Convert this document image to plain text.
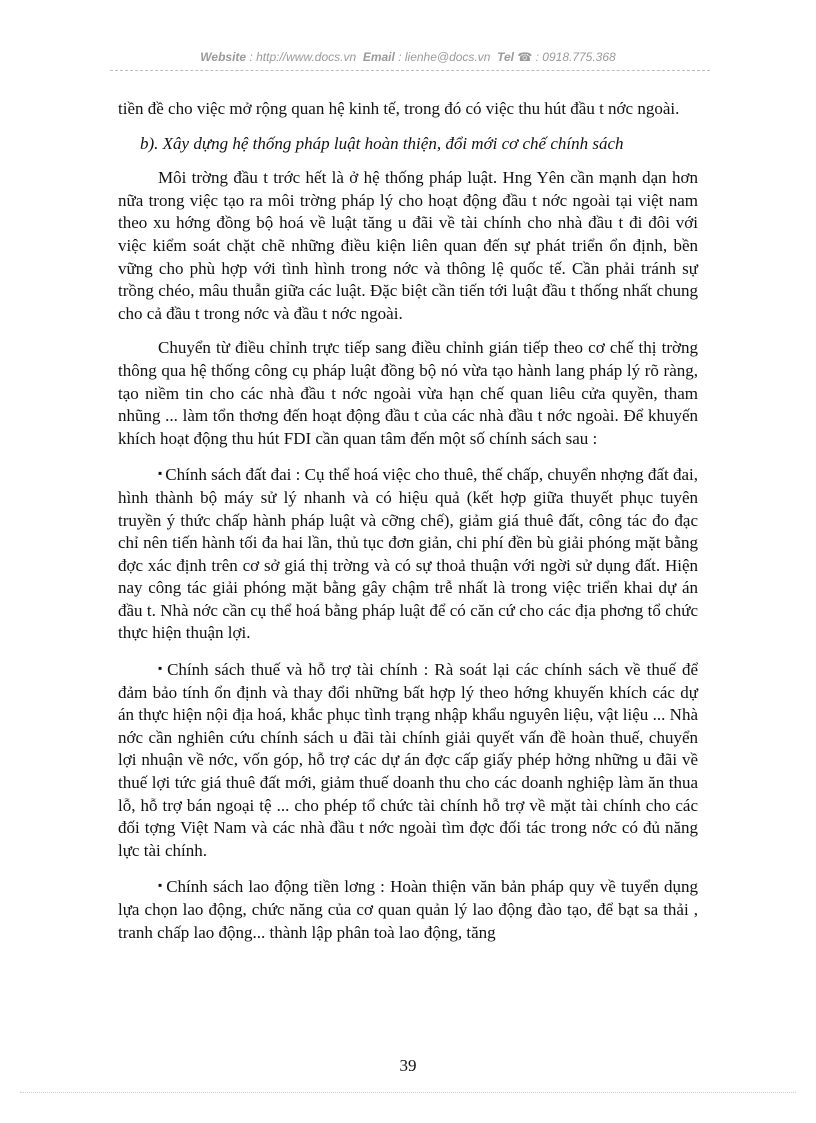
Website : http://www.docs.vn Email : lienhe@docs.vn Tel ☎ : 0918.775.368

tiền đề cho việc mở rộng quan hệ kinh tế, trong đó có việc thu hút đầu t nớc ngoài.

b). Xây dựng hệ thống pháp luật hoàn thiện, đổi mới cơ chế chính sách

Môi trờng đầu t trớc hết là ở hệ thống pháp luật. Hng Yên cần mạnh dạn hơn nữa trong việc tạo ra môi trờng pháp lý cho hoạt động đầu t nớc ngoài tại việt nam theo xu hớng đồng bộ hoá về luật tăng u đãi về tài chính cho nhà đầu t đi đôi với việc kiểm soát chặt chẽ những điều kiện liên quan đến sự phát triển ổn định, bền vững cho phù hợp với tình hình trong nớc và thông lệ quốc tế. Cần phải tránh sự trồng chéo, mâu thuẫn giữa các luật. Đặc biệt cần tiến tới luật đầu t thống nhất chung cho cả đầu t trong nớc và đầu t nớc ngoài.

Chuyển từ điều chỉnh trực tiếp sang điều chỉnh gián tiếp theo cơ chế thị trờng thông qua hệ thống công cụ pháp luật đồng bộ nó vừa tạo hành lang pháp lý rõ ràng, tạo niềm tin cho các nhà đầu t nớc ngoài vừa hạn chế quan liêu cửa quyền, tham nhũng ... làm tổn thơng đến hoạt động đầu t của các nhà đầu t nớc ngoài. Để khuyến khích hoạt động thu hút FDI cần quan tâm đến một số chính sách sau :

▪ Chính sách đất đai : Cụ thể hoá việc cho thuê, thế chấp, chuyển nhợng đất đai, hình thành bộ máy sử lý nhanh và có hiệu quả (kết hợp giữa thuyết phục tuyên truyền ý thức chấp hành pháp luật và cỡng chế), giảm giá thuê đất, công tác đo đạc chỉ nên tiến hành tối đa hai lần, thủ tục đơn giản, chi phí đền bù giải phóng mặt bằng đợc xác định trên cơ sở giá thị trờng và có sự thoả thuận với ngời sử dụng đất. Hiện nay công tác giải phóng mặt bằng gây chậm trễ nhất là trong việc triển khai dự án đầu t. Nhà nớc cần cụ thể hoá bằng pháp luật để có căn cứ cho các địa phơng tổ chức thực hiện thuận lợi.

▪ Chính sách thuế và hỗ trợ tài chính : Rà soát lại các chính sách về thuế để đảm bảo tính ổn định và thay đổi những bất hợp lý theo hớng khuyến khích các dự án thực hiện nội địa hoá, khắc phục tình trạng nhập khẩu nguyên liệu, vật liệu ... Nhà nớc cần nghiên cứu chính sách u đãi tài chính giải quyết vấn đề hoàn thuế, chuyển lợi nhuận về nớc, vốn góp, hỗ trợ các dự án đợc cấp giấy phép hởng những u đãi về thuế lợi tức giá thuê đất mới, giảm thuế doanh thu cho các doanh nghiệp làm ăn thua lỗ, hỗ trợ bán ngoại tệ ... cho phép tổ chức tài chính hỗ trợ về mặt tài chính cho các đối tợng Việt Nam và các nhà đầu t nớc ngoài tìm đợc đối tác trong nớc có đủ năng lực tài chính.

▪ Chính sách lao động tiền lơng : Hoàn thiện văn bản pháp quy về tuyển dụng lựa chọn lao động, chức năng của cơ quan quản lý lao động đào tạo, để bạt sa thải , tranh chấp lao động... thành lập phân toà lao động, tăng

39
